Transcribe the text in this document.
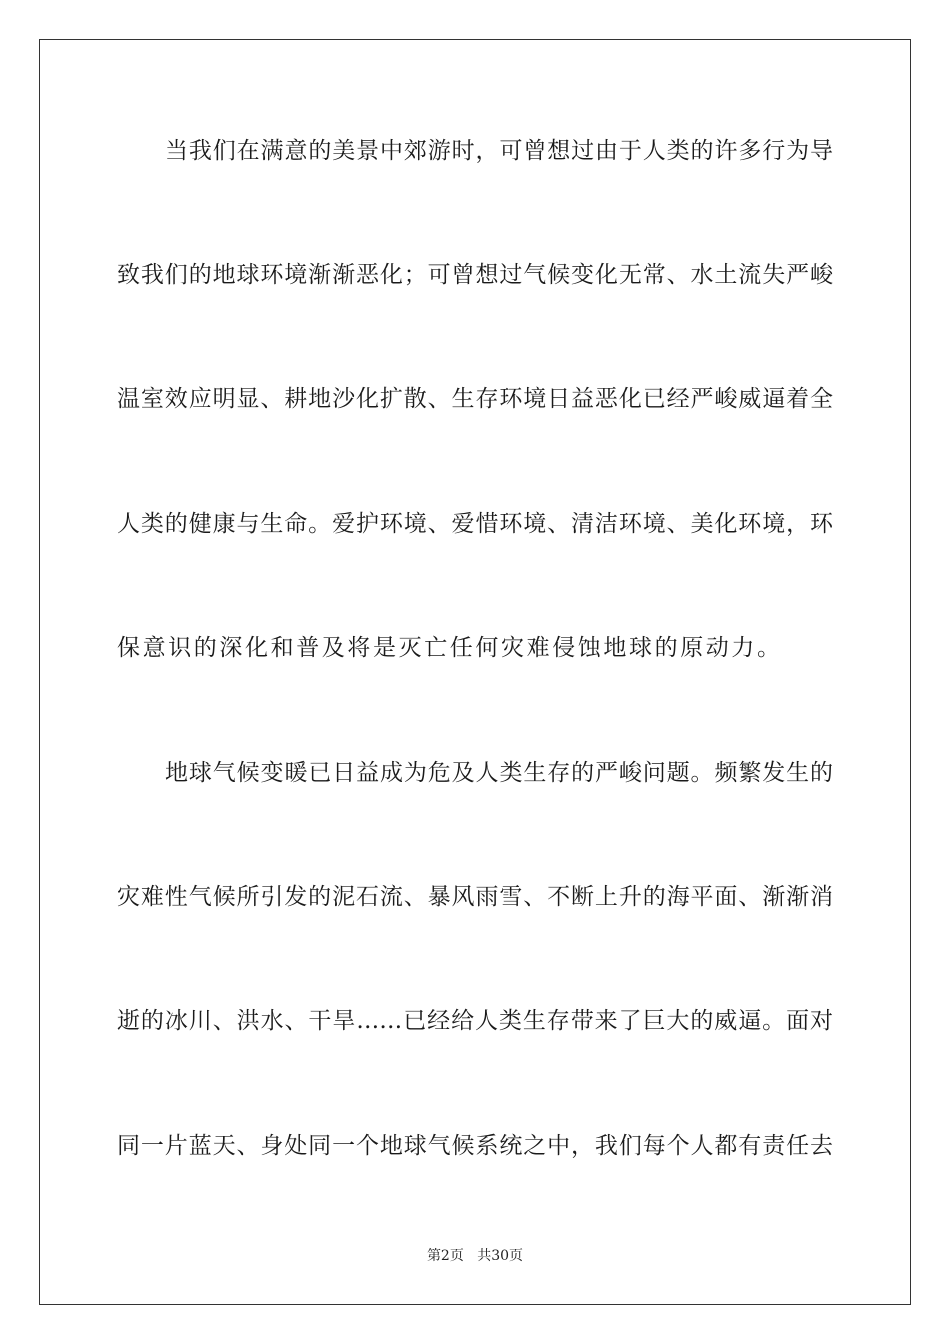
当我们在满意的美景中郊游时，可曾想过由于人类的许多行为导
致我们的地球环境渐渐恶化；可曾想过气候变化无常、水土流失严峻
温室效应明显、耕地沙化扩散、生存环境日益恶化已经严峻威逼着全
人类的健康与生命。爱护环境、爱惜环境、清洁环境、美化环境，环
保意识的深化和普及将是灭亡任何灾难侵蚀地球的原动力。
地球气候变暖已日益成为危及人类生存的严峻问题。频繁发生的
灾难性气候所引发的泥石流、暴风雨雪、不断上升的海平面、渐渐消
逝的冰川、洪水、干旱……已经给人类生存带来了巨大的威逼。面对
同一片蓝天、身处同一个地球气候系统之中，我们每个人都有责任去
第2页 共30页
